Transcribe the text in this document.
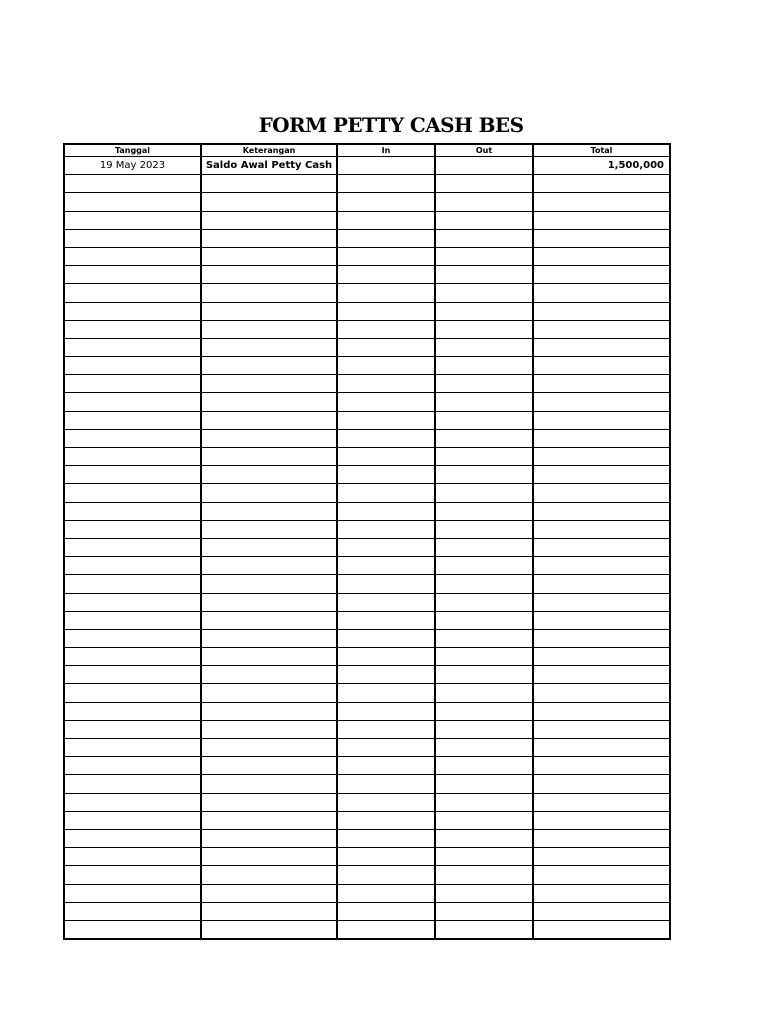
FORM PETTY CASH BES
Tanggal	Keterangan	In	Out	Total
19 May 2023	Saldo Awal Petty Cash			1,500,000
